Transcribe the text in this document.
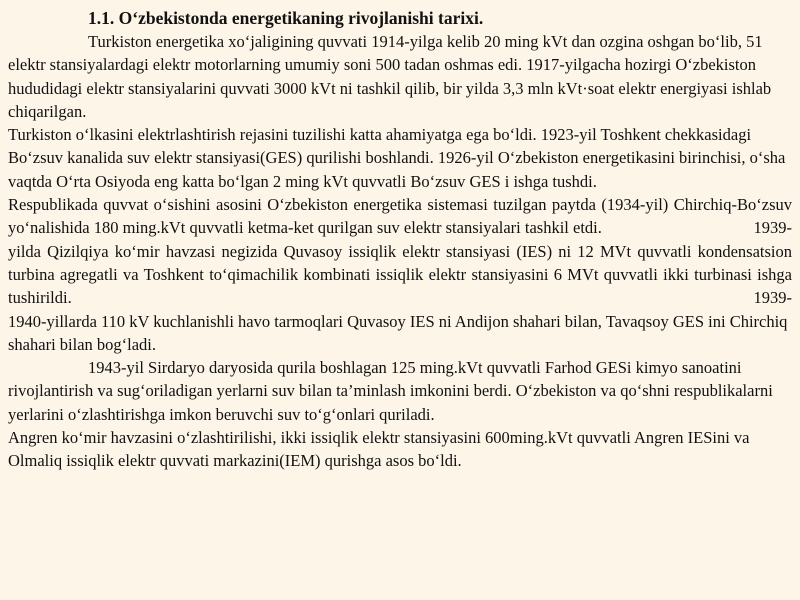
1.1. O‘zbekistonda energetikaning rivojlanishi tarixi.

Turkiston energetika xo‘jaligining quvvati 1914-yilga kelib 20 ming kVt dan ozgina oshgan bo‘lib, 51 elektr stansiyalardagi elektr motorlarning umumiy soni 500 tadan oshmas edi. 1917-yilgacha hozirgi O‘zbekiston hududidagi elektr stansiyalarini quvvati 3000 kVt ni tashkil qilib, bir yilda 3,3 mln kVt·soat elektr energiyasi ishlab chiqarilgan.

Turkiston o‘lkasini elektrlashtirish rejasini tuzilishi katta ahamiyatga ega bo‘ldi. 1923-yil Toshkent chekkasidagi Bo‘zsuv kanalida suv elektr stansiyasi(GES) qurilishi boshlandi. 1926-yil O‘zbekiston energetikasini birinchisi, o‘sha vaqtda O‘rta Osiyoda eng katta bo‘lgan 2 ming kVt quvvatli Bo‘zsuv GES i ishga tushdi.

Respublikada quvvat o‘sishini asosini O‘zbekiston energetika sistemasi tuzilgan paytda (1934-yil) Chirchiq-Bo‘zsuv yo‘nalishida 180 ming.kVt quvvatli ketma-ket qurilgan suv elektr stansiyalari tashkil etdi.	1939-

yilda Qizilqiya ko‘mir havzasi negizida Quvasoy issiqlik elektr stansiyasi (IES) ni 12 MVt quvvatli kondensatsion turbina agregatli va Toshkent to‘qimachilik kombinati issiqlik elektr stansiyasini 6 MVt quvvatli ikki turbinasi ishga tushirildi.	1939-

1940-yillarda 110 kV kuchlanishli havo tarmoqlari Quvasoy IES ni Andijon shahari bilan, Tavaqsoy GES ini Chirchiq shahari bilan bog‘ladi.

1943-yil Sirdaryo daryosida qurila boshlagan 125 ming.kVt quvvatli Farhod GESi kimyo sanoatini rivojlantirish va sug‘oriladigan yerlarni suv bilan ta’minlash imkonini berdi. O‘zbekiston va qo‘shni respublikalarni yerlarini o‘zlashtirishga imkon beruvchi suv to‘g‘onlari quriladi.

Angren ko‘mir havzasini o‘zlashtirilishi, ikki issiqlik elektr stansiyasini 600ming.kVt quvvatli Angren IESini va Olmaliq issiqlik elektr quvvati markazini(IEM) qurishga asos bo‘ldi.
